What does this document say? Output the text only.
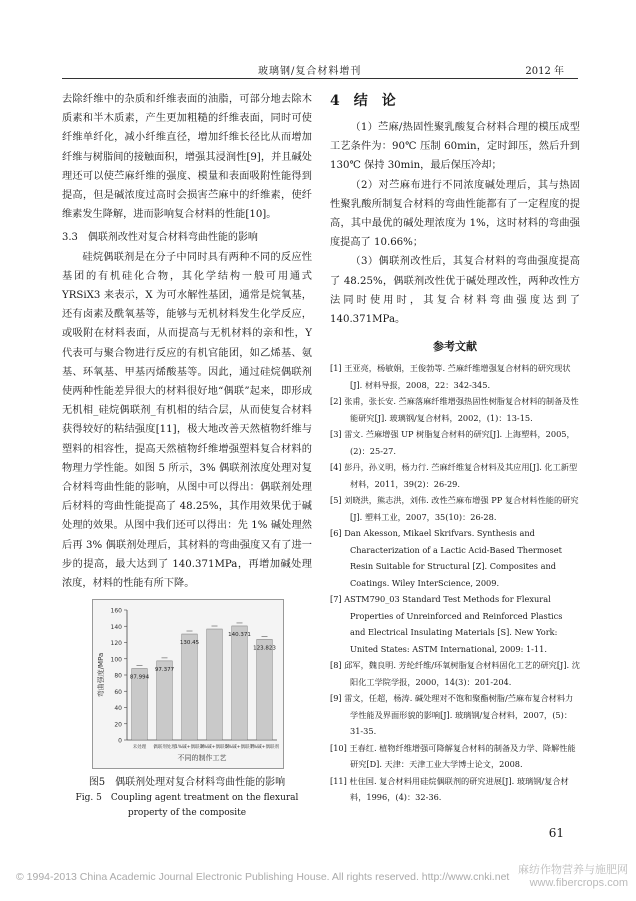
玻璃钢/复合材料增刊	2012 年

去除纤维中的杂质和纤维表面的油脂，可部分地去除木质素和半木质素，产生更加粗糙的纤维表面，同时可使纤维单纤化，减小纤维直径，增加纤维长径比从而增加纤维与树脂间的接触面积，增强其浸润性[9]，并且碱处理还可以使苎麻纤维的强度、模量和表面吸附性能得到提高，但是碱浓度过高时会损害苎麻中的纤维素，使纤维素发生降解，进而影响复合材料的性能[10]。

3.3　偶联剂改性对复合材料弯曲性能的影响

硅烷偶联剂是在分子中同时具有两种不同的反应性基团的有机硅化合物，其化学结构一般可用通式 YRSiX3 来表示，X 为可水解性基团，通常是烷氧基，还有卤素及酰氧基等，能够与无机材料发生化学反应，或吸附在材料表面，从而提高与无机材料的亲和性，Y 代表可与聚合物进行反应的有机官能团，如乙烯基、氨基、环氧基、甲基丙烯酸基等。因此，通过硅烷偶联剂使两种性能差异很大的材料很好地“偶联”起来，即形成无机相_硅烷偶联剂_有机相的结合层，从而使复合材料获得较好的粘结强度[11]，极大地改善天然植物纤维与塑料的相容性，提高天然植物纤维增强塑料复合材料的物理力学性能。如图 5 所示，3% 偶联剂浓度处理对复合材料弯曲性能的影响，从图中可以得出：偶联剂处理后材料的弯曲性能提高了 48.25%，其作用效果优于碱处理的效果。从图中我们还可以得出：先 1% 碱处理然后再 3% 偶联剂处理后，其材料的弯曲强度又有了进一步的提高，最大达到了 140.371MPa，再增加碱处理浓度，材料的性能有所下降。

0
20
40
60
80
100
120
140
160
87.994
未处理
97.377
偶联剂处理
130.45
1%碱+偶联剂
3%碱+偶联剂
140.371
5%碱+偶联剂
123.823
7%碱+偶联剂
不同的制作工艺
弯曲强度/MPa

图5　偶联剂处理对复合材料弯曲性能的影响

Fig. 5　Coupling agent treatment on the flexural

property of the composite

4　结　论

（1）苎麻/热固性聚乳酸复合材料合理的模压成型工艺条件为：90℃ 压制 60min，定时卸压，然后升到 130℃ 保持 30min，最后保压冷却；

（2）对苎麻布进行不同浓度碱处理后，其与热固性聚乳酸所制复合材料的弯曲性能都有了一定程度的提高，其中最优的碱处理浓度为 1%，这时材料的弯曲强度提高了 10.66%；

（3）偶联剂改性后，其复合材料的弯曲强度提高了 48.25%，偶联剂改性优于碱处理改性，两种改性方法同时使用时，其复合材料弯曲强度达到了 140.371MPa。

参考文献

[1] 王亚亮，杨敏娟，王俊勃等. 苎麻纤维增强复合材料的研究现状[J]. 材料导报，2008，22：342-345.

[2] 张甫，张长安. 苎麻落麻纤维增强热固性树脂复合材料的制备及性能研究[J]. 玻璃钢/复合材料，2002，(1)：13-15.

[3] 雷文. 苎麻增强 UP 树脂复合材料的研究[J]. 上海塑料，2005，(2)：25-27.

[4] 彭丹，孙义明，杨力行. 苎麻纤维复合材料及其应用[J]. 化工新型材料，2011，39(2)：26-29.

[5] 刘晓洪，熊志洪，刘伟. 改性苎麻布增强 PP 复合材料性能的研究[J]. 塑料工业，2007，35(10)：26-28.

[6] Dan Akesson, Mikael Skrifvars. Synthesis and Characterization of a Lactic Acid-Based Thermoset Resin Suitable for Structural [Z]. Composites and Coatings. Wiley InterScience, 2009.

[7] ASTM790_03 Standard Test Methods for Flexural Properties of Unreinforced and Reinforced Plastics and Electrical Insulating Materials [S]. New York: United States: ASTM International, 2009: 1-11.

[8] 邱军，魏良明. 芳纶纤维/环氧树脂复合材料固化工艺的研究[J]. 沈阳化工学院学报，2000，14(3)：201-204.

[9] 雷文，任超，杨涛. 碱处理对不饱和聚酯树脂/苎麻布复合材料力学性能及界面形貌的影响[J]. 玻璃钢/复合材料，2007，(5)：31-35.

[10] 王春红. 植物纤维增强可降解复合材料的制备及力学、降解性能研究[D]. 天津：天津工业大学博士论文，2008.

[11] 杜住国. 复合材料用硅烷偶联剂的研究进展[J]. 玻璃钢/复合材料，1996，(4)：32-36.

61
© 1994-2013 China Academic Journal Electronic Publishing House. All rights reserved. http://www.cnki.net
麻纺作物营养与施肥网
www.fibercrops.com
